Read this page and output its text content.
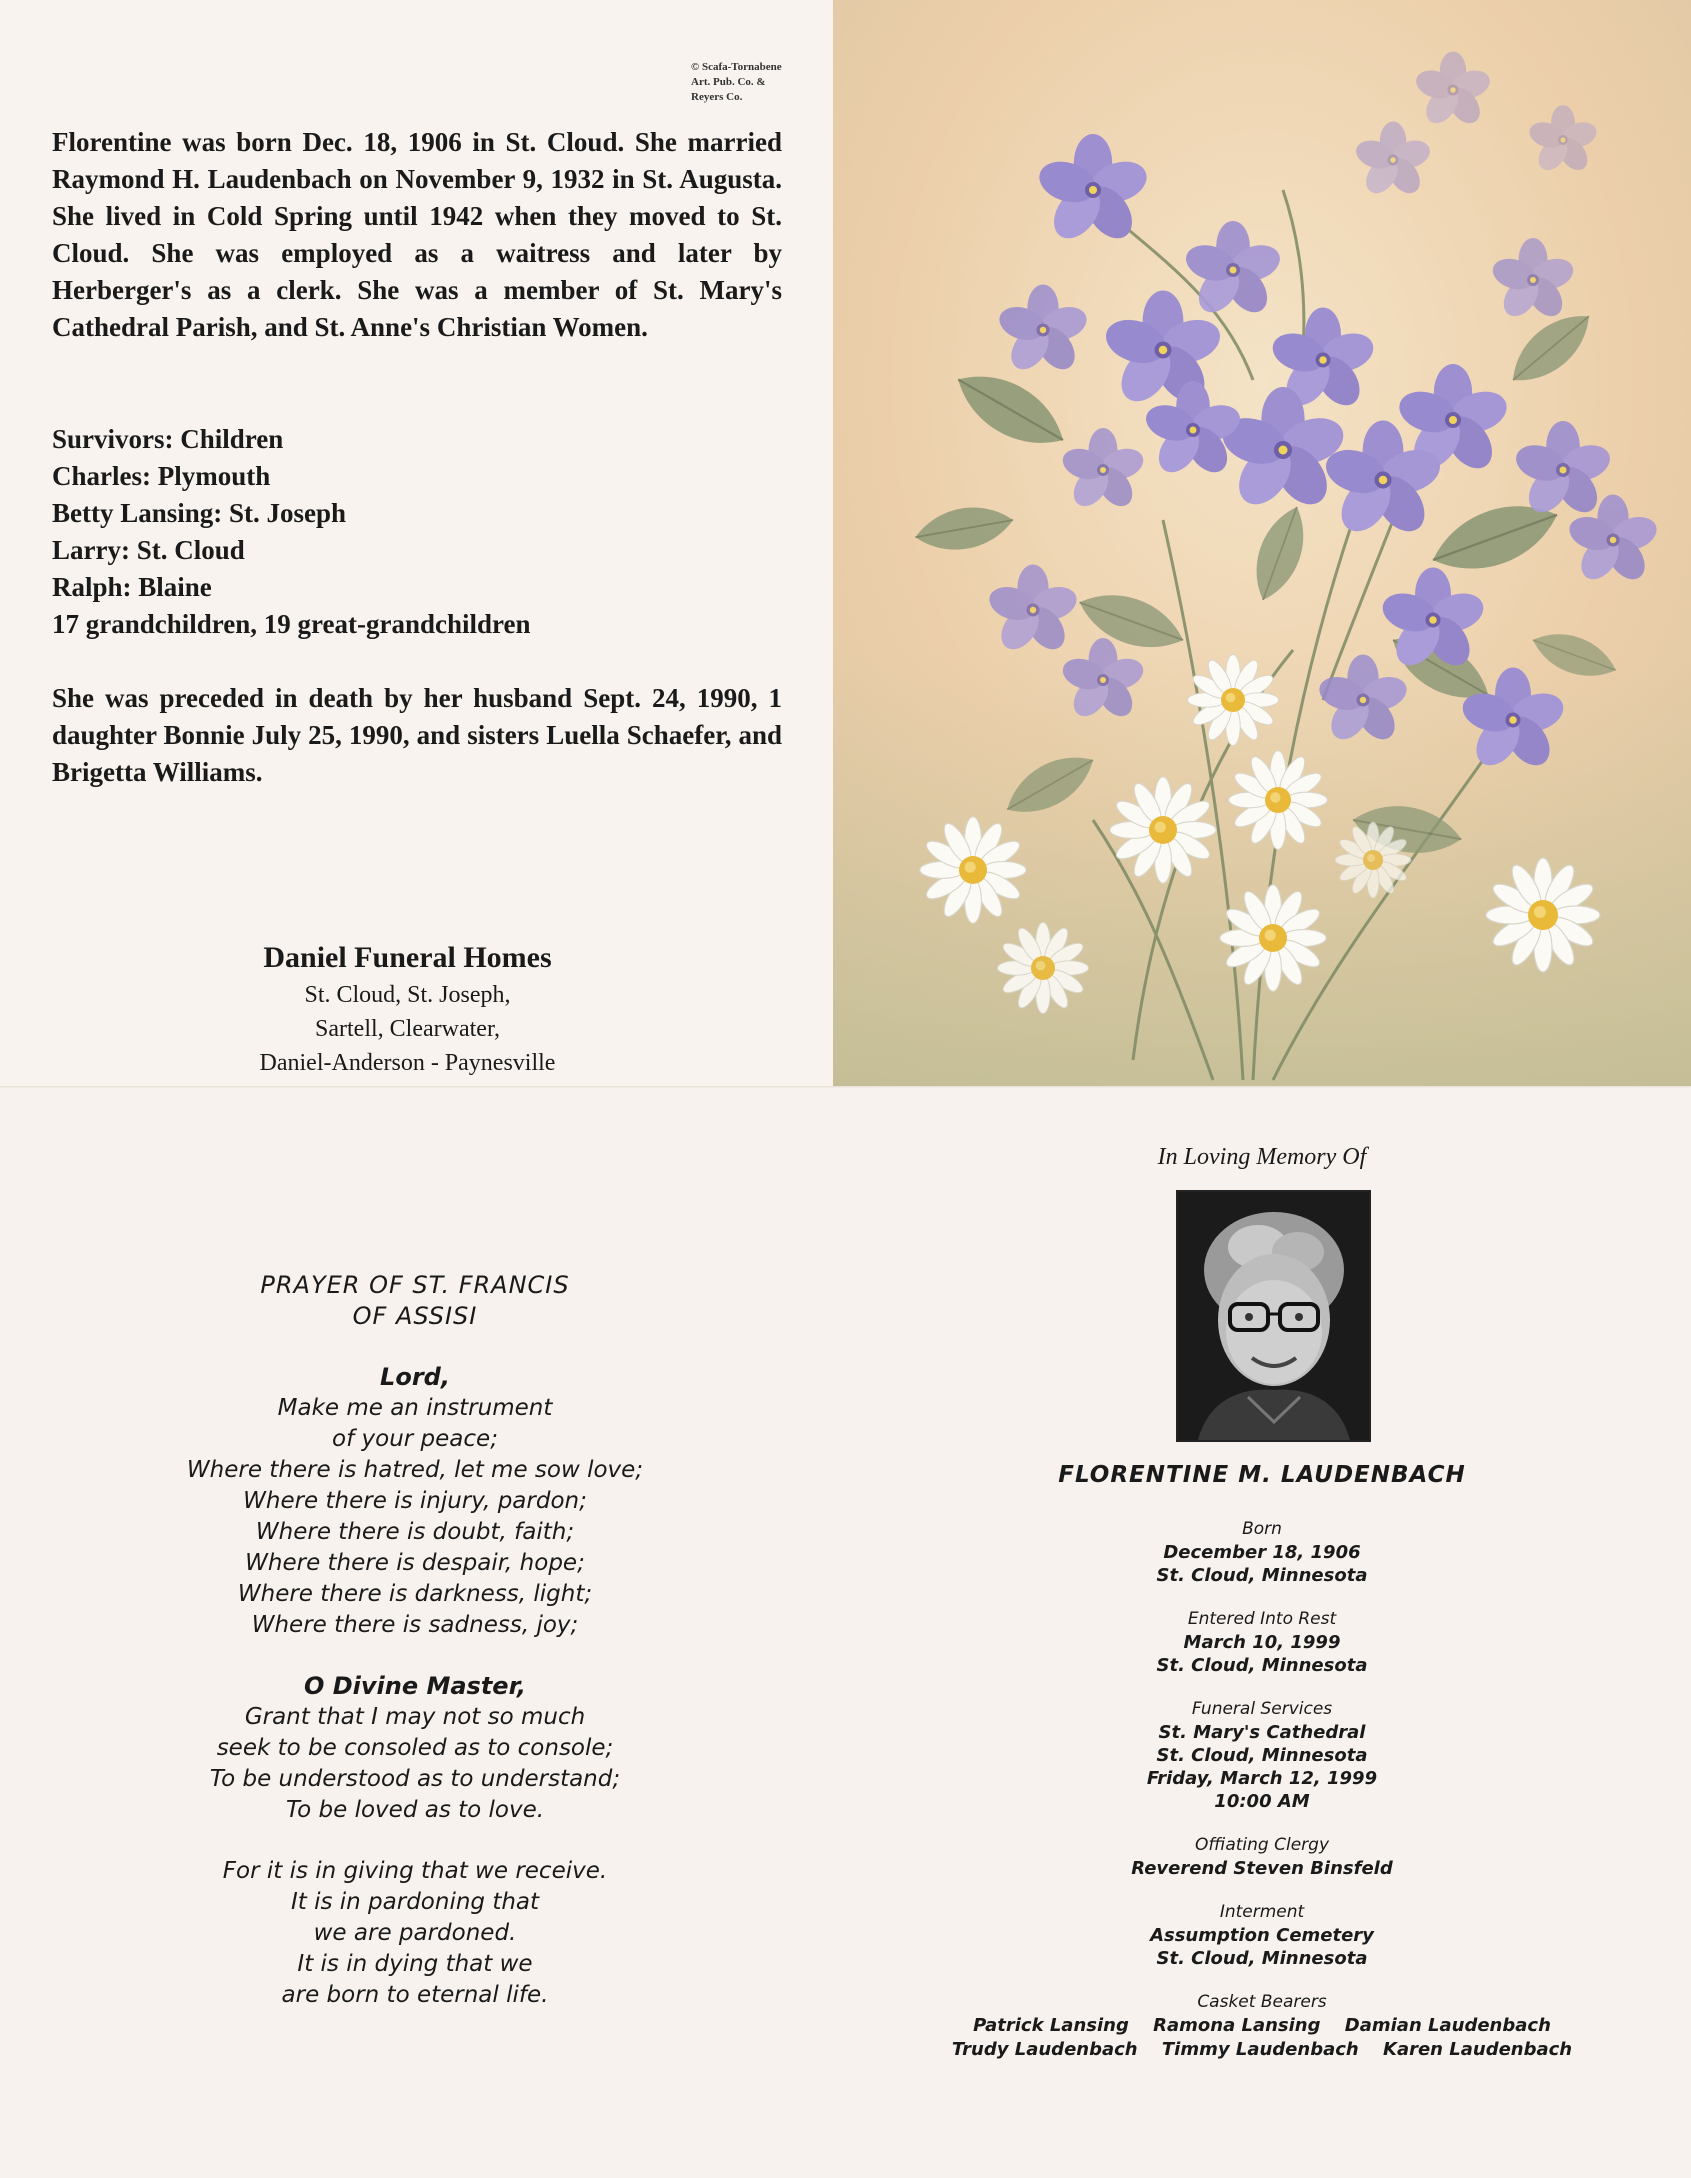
© Scafa-Tornabene
Art. Pub. Co. &
Reyers Co.
Florentine was born Dec. 18, 1906 in St. Cloud. She married Raymond H. Laudenbach on November 9, 1932 in St. Augusta. She lived in Cold Spring until 1942 when they moved to St. Cloud. She was employed as a waitress and later by Herberger's as a clerk. She was a member of St. Mary's Cathedral Parish, and St. Anne's Christian Women.
Survivors: Children
Charles: Plymouth
Betty Lansing: St. Joseph
Larry: St. Cloud
Ralph: Blaine
17 grandchildren, 19 great-grandchildren
She was preceded in death by her husband Sept. 24, 1990, 1 daughter Bonnie July 25, 1990, and sisters Luella Schaefer, and Brigetta Williams.
Daniel Funeral Homes
St. Cloud, St. Joseph,
Sartell, Clearwater,
Daniel-Anderson - Paynesville
PRAYER OF ST. FRANCIS
OF ASSISI
Lord,
Make me an instrument
of your peace;
Where there is hatred, let me sow love;
Where there is injury, pardon;
Where there is doubt, faith;
Where there is despair, hope;
Where there is darkness, light;
Where there is sadness, joy;
O Divine Master,
Grant that I may not so much
seek to be consoled as to console;
To be understood as to understand;
To be loved as to love.
For it is in giving that we receive.
It is in pardoning that
we are pardoned.
It is in dying that we
are born to eternal life.
In Loving Memory Of
FLORENTINE M. LAUDENBACH
Born
December 18, 1906
St. Cloud, Minnesota
Entered Into Rest
March 10, 1999
St. Cloud, Minnesota
Funeral Services
St. Mary's Cathedral
St. Cloud, Minnesota
Friday, March 12, 1999
10:00 AM
Offiating Clergy
Reverend Steven Binsfeld
Interment
Assumption Cemetery
St. Cloud, Minnesota
Casket Bearers
Patrick Lansing Ramona Lansing Damian Laudenbach
Trudy Laudenbach Timmy Laudenbach Karen Laudenbach
